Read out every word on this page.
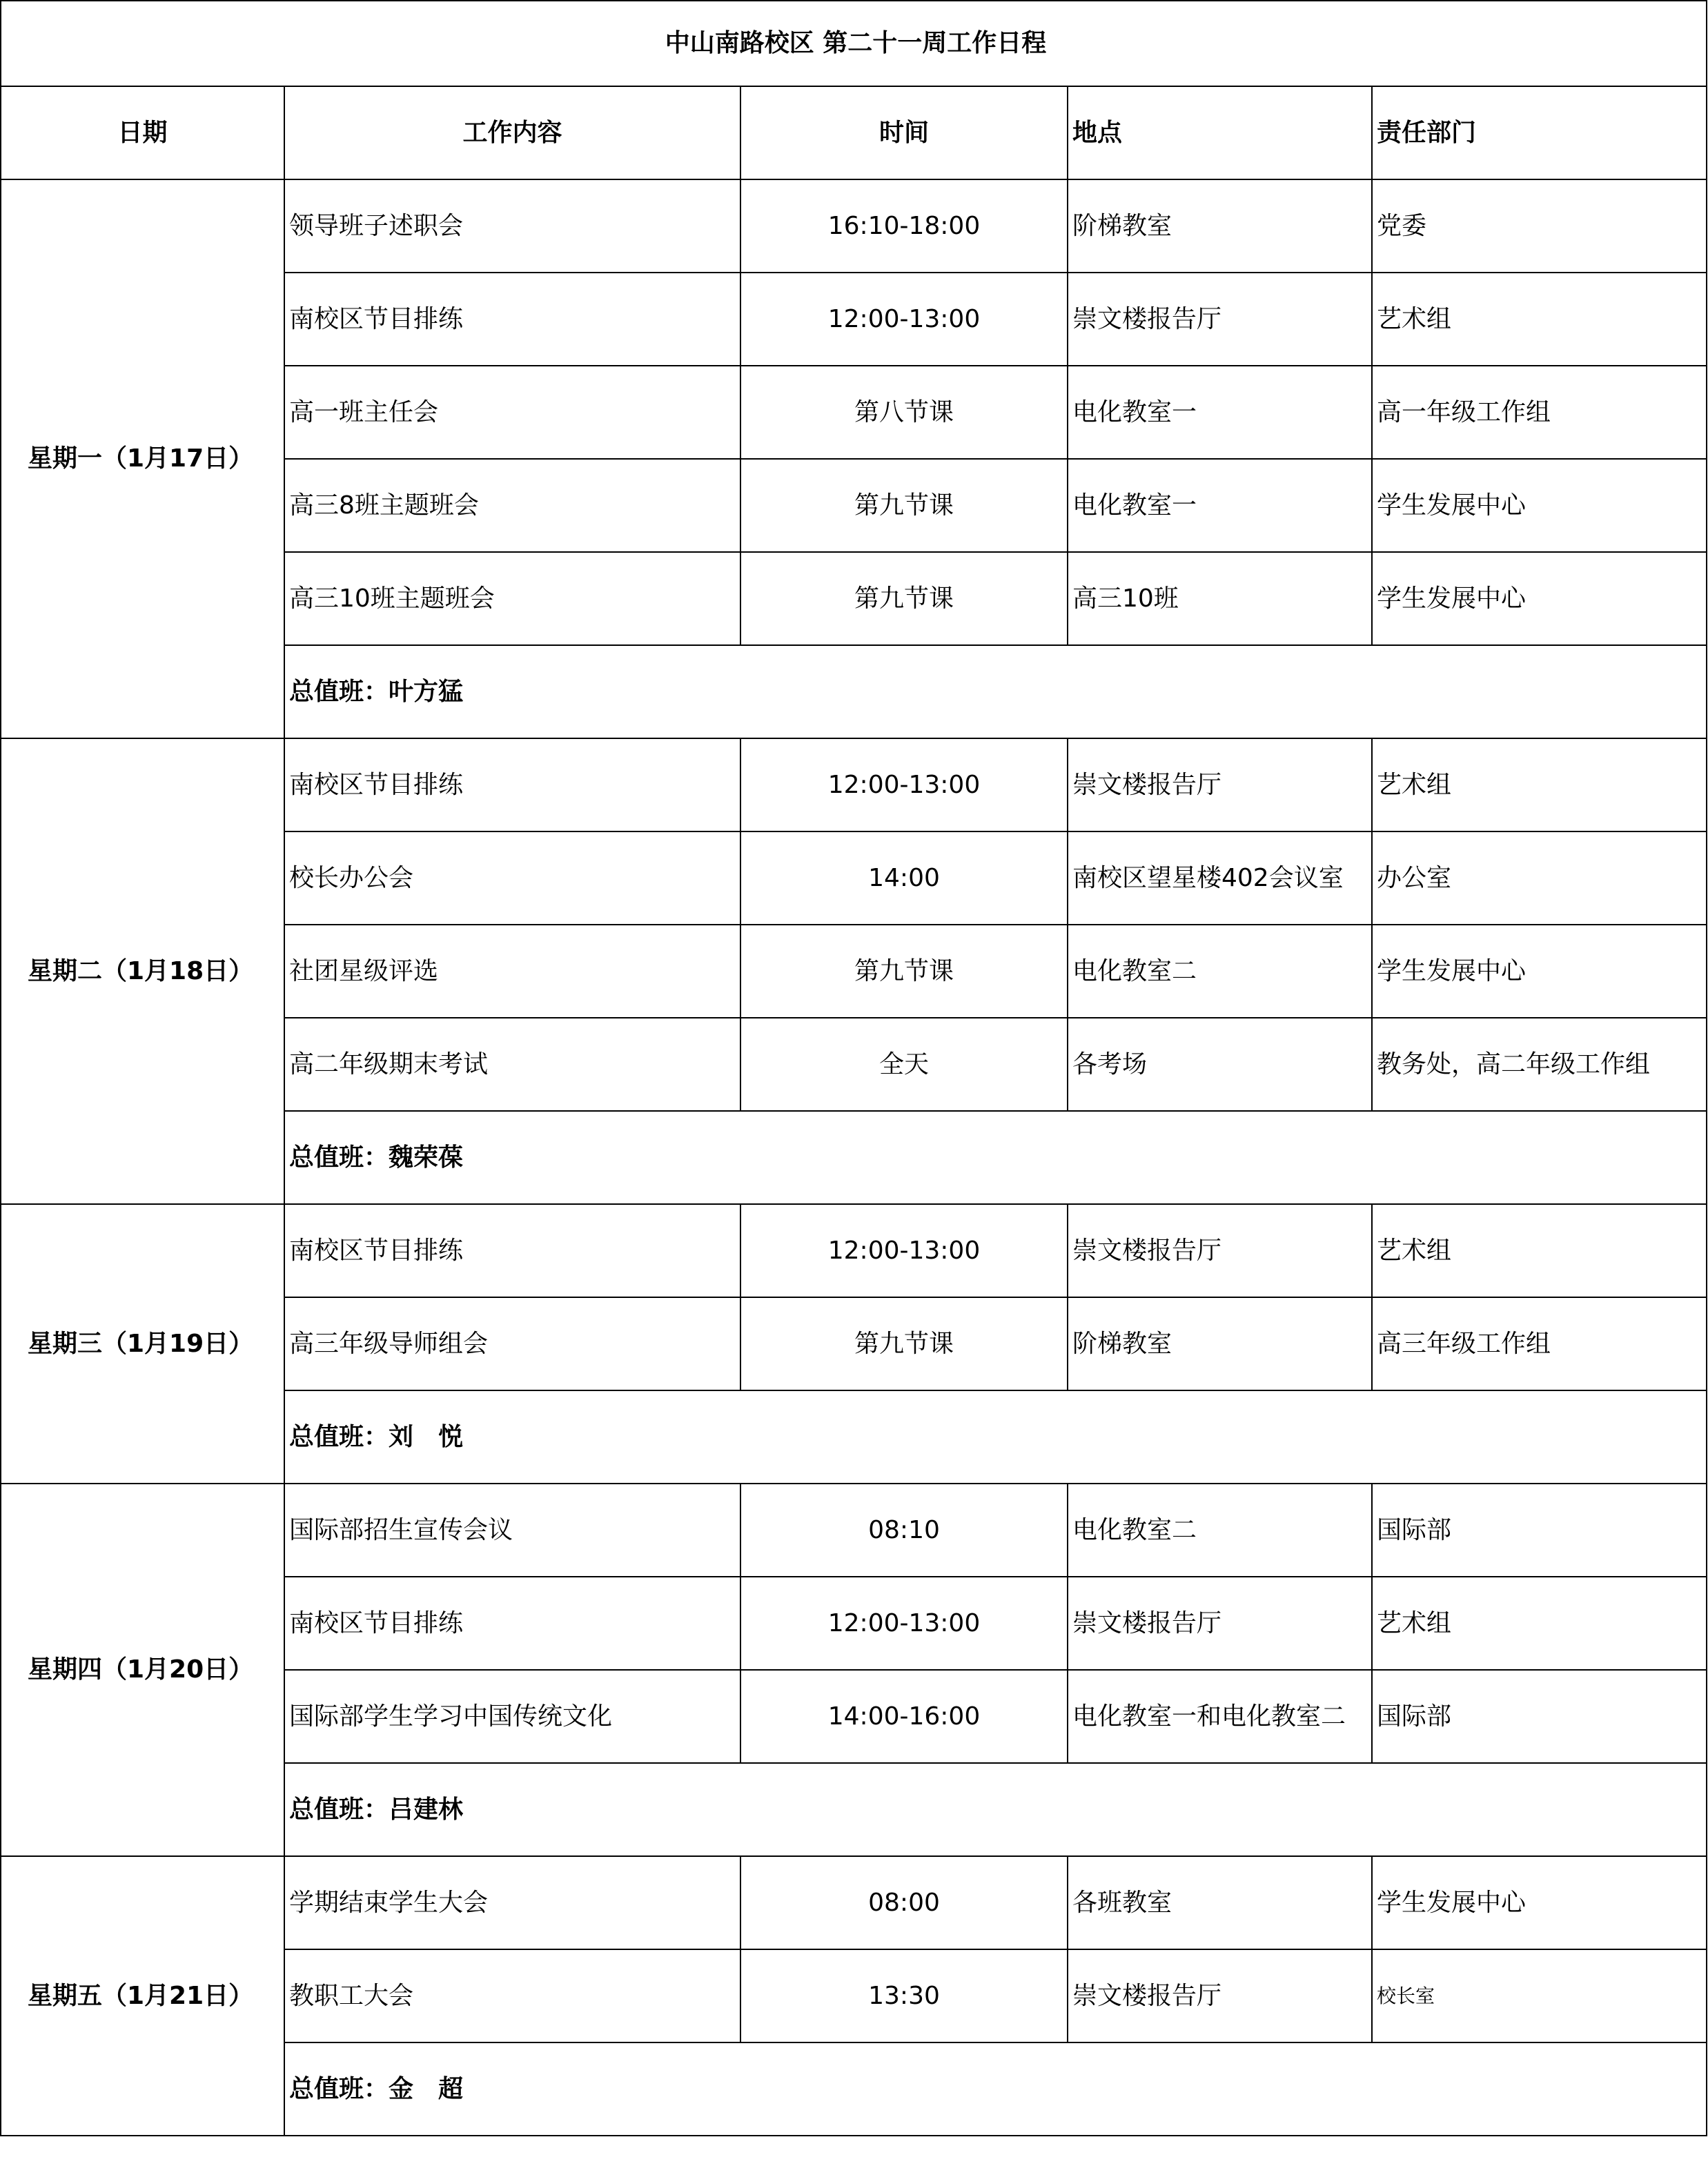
中山南路校区 第二十一周工作日程				
日期	工作内容	时间	地点	责任部门
星期一（1月17日）	领导班子述职会	16:10-18:00	阶梯教室	党委
	南校区节目排练	12:00-13:00	崇文楼报告厅	艺术组
	高一班主任会	第八节课	电化教室一	高一年级工作组
	高三8班主题班会	第九节课	电化教室一	学生发展中心
	高三10班主题班会	第九节课	高三10班	学生发展中心
	总值班：叶方猛			
星期二（1月18日）	南校区节目排练	12:00-13:00	崇文楼报告厅	艺术组
	校长办公会	14:00	南校区望星楼402会议室	办公室
	社团星级评选	第九节课	电化教室二	学生发展中心
	高二年级期末考试	全天	各考场	教务处，高二年级工作组
	总值班：魏荣葆			
星期三（1月19日）	南校区节目排练	12:00-13:00	崇文楼报告厅	艺术组
	高三年级导师组会	第九节课	阶梯教室	高三年级工作组
	总值班：刘　悦			
星期四（1月20日）	国际部招生宣传会议	08:10	电化教室二	国际部
	南校区节目排练	12:00-13:00	崇文楼报告厅	艺术组
	国际部学生学习中国传统文化	14:00-16:00	电化教室一和电化教室二	国际部
	总值班：吕建林			
星期五（1月21日）	学期结束学生大会	08:00	各班教室	学生发展中心
	教职工大会	13:30	崇文楼报告厅	校长室
	总值班：金　超			
